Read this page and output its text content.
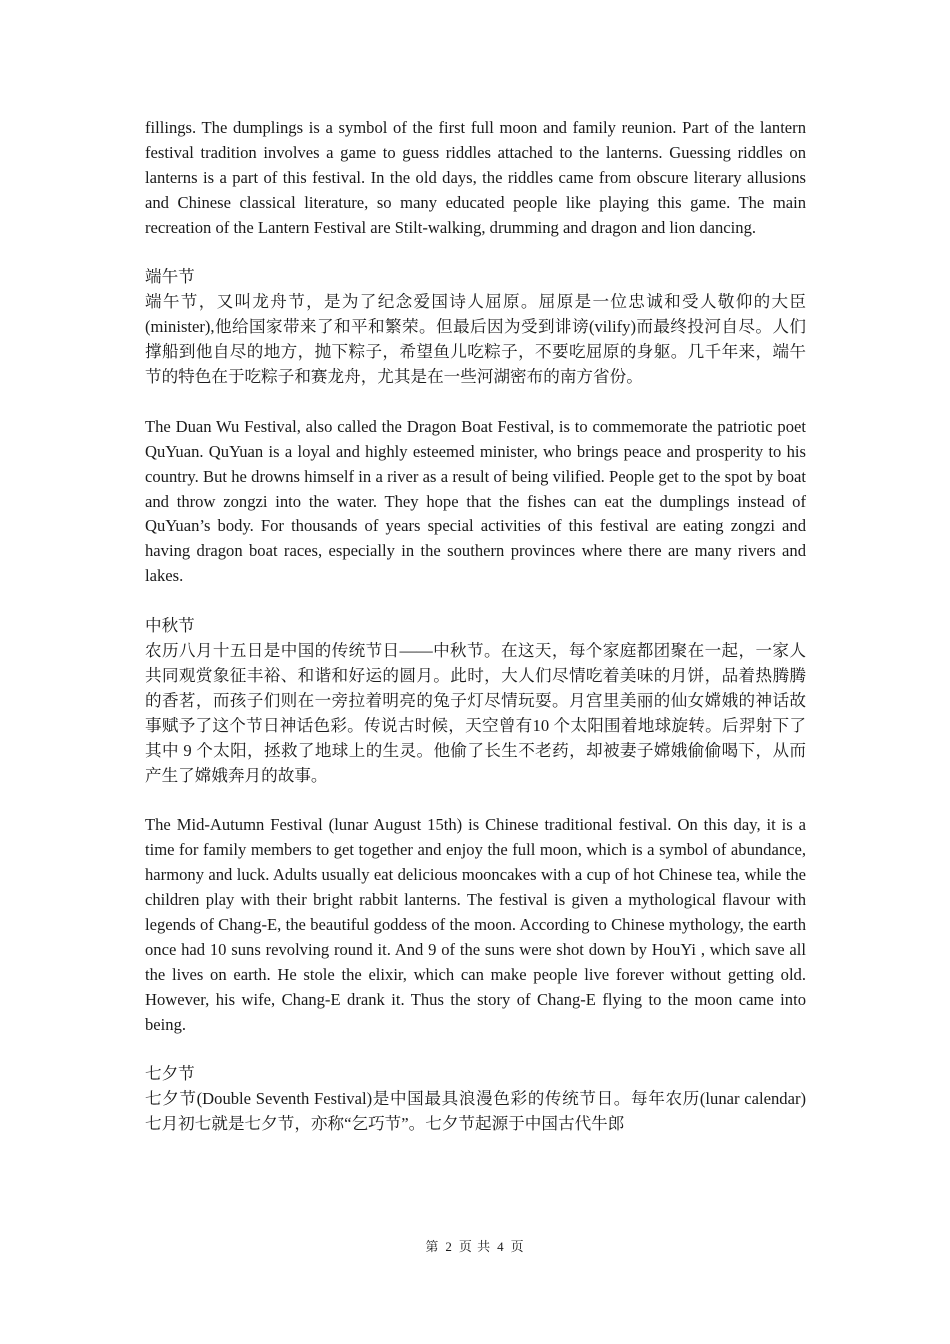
fillings. The dumplings is a symbol of the first full moon and family reunion. Part of the lantern festival tradition involves a game to guess riddles attached to the lanterns. Guessing riddles on lanterns is a part of this festival. In the old days, the riddles came from obscure literary allusions and Chinese classical literature, so many educated people like playing this game. The main recreation of the Lantern Festival are Stilt-walking, drumming and dragon and lion dancing.

端午节

端午节，又叫龙舟节，是为了纪念爱国诗人屈原。屈原是一位忠诚和受人敬仰的大臣(minister),他给国家带来了和平和繁荣。但最后因为受到诽谤(vilify)而最终投河自尽。人们撑船到他自尽的地方，抛下粽子，希望鱼儿吃粽子，不要吃屈原的身躯。几千年来，端午节的特色在于吃粽子和赛龙舟，尤其是在一些河湖密布的南方省份。

The Duan Wu Festival, also called the Dragon Boat Festival, is to commemorate the patriotic poet QuYuan. QuYuan is a loyal and highly esteemed minister, who brings peace and prosperity to his country. But he drowns himself in a river as a result of being vilified. People get to the spot by boat and throw zongzi into the water. They hope that the fishes can eat the dumplings instead of QuYuan’s body. For thousands of years special activities of this festival are eating zongzi and having dragon boat races, especially in the southern provinces where there are many rivers and lakes.

中秋节

农历八月十五日是中国的传统节日——中秋节。在这天，每个家庭都团聚在一起，一家人共同观赏象征丰裕、和谐和好运的圆月。此时，大人们尽情吃着美味的月饼，品着热腾腾的香茗，而孩子们则在一旁拉着明亮的兔子灯尽情玩耍。月宫里美丽的仙女嫦娥的神话故事赋予了这个节日神话色彩。传说古时候，天空曾有10 个太阳围着地球旋转。后羿射下了其中 9 个太阳，拯救了地球上的生灵。他偷了长生不老药，却被妻子嫦娥偷偷喝下，从而产生了嫦娥奔月的故事。

The Mid-Autumn Festival (lunar August 15th) is Chinese traditional festival. On this day, it is a time for family members to get together and enjoy the full moon, which is a symbol of abundance, harmony and luck. Adults usually eat delicious mooncakes with a cup of hot Chinese tea, while the children play with their bright rabbit lanterns. The festival is given a mythological flavour with legends of Chang-E, the beautiful goddess of the moon. According to Chinese mythology, the earth once had 10 suns revolving round it. And 9 of the suns were shot down by HouYi , which save all the lives on earth. He stole the elixir, which can make people live forever without getting old. However, his wife, Chang-E drank it. Thus the story of Chang-E flying to the moon came into being.

七夕节

七夕节(Double Seventh Festival)是中国最具浪漫色彩的传统节日。每年农历(lunar calendar)七月初七就是七夕节，亦称“乞巧节”。七夕节起源于中国古代牛郎

第 2 页 共 4 页
